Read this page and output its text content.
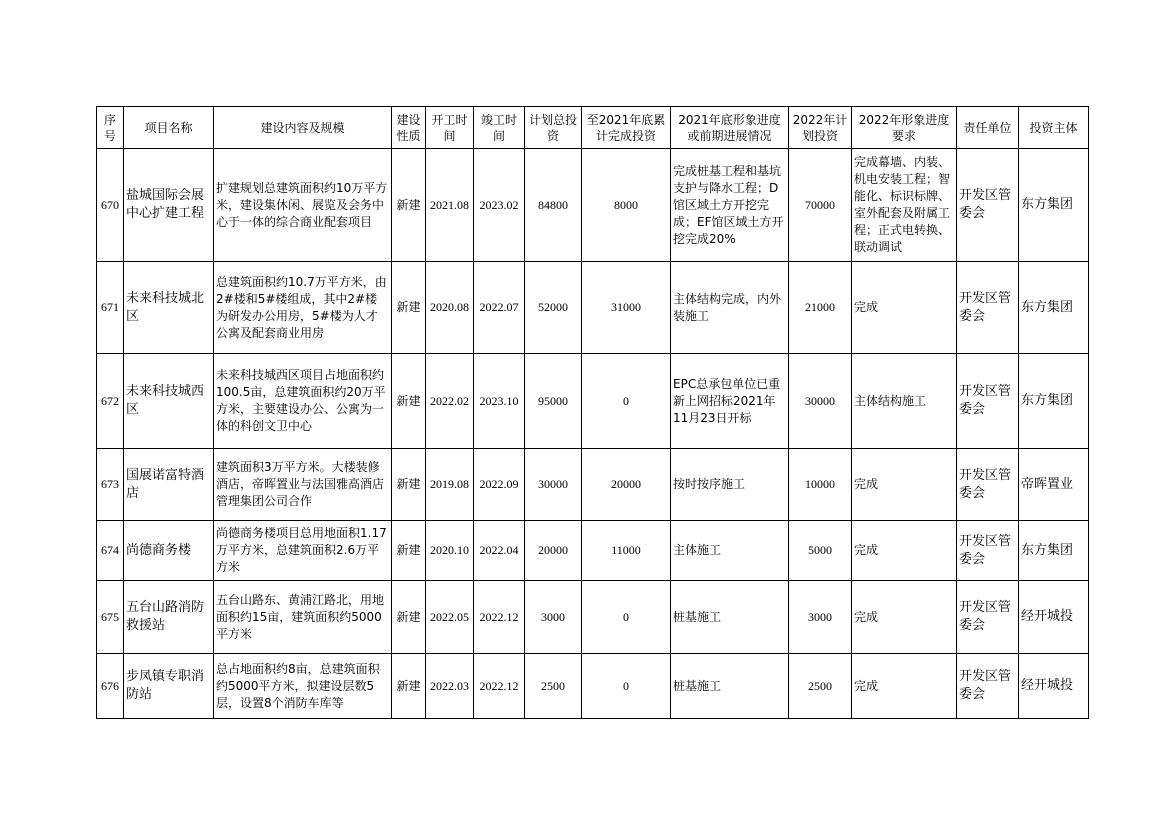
序号	项目名称	建设内容及规模	建设性质	开工时间	竣工时间	计划总投资	至2021年底累计完成投资	2021年底形象进度或前期进展情况	2022年计划投资	2022年形象进度要求	责任单位	投资主体
670	盐城国际会展中心扩建工程	扩建规划总建筑面积约10万平方米，建设集休闲、展览及会务中心于一体的综合商业配套项目	新建	2021.08	2023.02	84800	8000	完成桩基工程和基坑支护与降水工程；D馆区域土方开挖完成；EF馆区域土方开挖完成20%	70000	完成幕墙、内装、机电安装工程；智能化、标识标牌、室外配套及附属工程；正式电转换、联动调试	开发区管委会	东方集团
671	未来科技城北区	总建筑面积约10.7万平方米，由2#楼和5#楼组成，其中2#楼为研发办公用房，5#楼为人才公寓及配套商业用房	新建	2020.08	2022.07	52000	31000	主体结构完成，内外装施工	21000	完成	开发区管委会	东方集团
672	未来科技城西区	未来科技城西区项目占地面积约100.5亩，总建筑面积约20万平方米，主要建设办公、公寓为一体的科创文卫中心	新建	2022.02	2023.10	95000	0	EPC总承包单位已重新上网招标2021年11月23日开标	30000	主体结构施工	开发区管委会	东方集团
673	国展诺富特酒店	建筑面积3万平方米。大楼装修酒店，帝晖置业与法国雅高酒店管理集团公司合作	新建	2019.08	2022.09	30000	20000	按时按序施工	10000	完成	开发区管委会	帝晖置业
674	尚德商务楼	尚德商务楼项目总用地面积1.17万平方米，总建筑面积2.6万平方米	新建	2020.10	2022.04	20000	11000	主体施工	5000	完成	开发区管委会	东方集团
675	五台山路消防救援站	五台山路东、黄浦江路北，用地面积约15亩，建筑面积约5000平方米	新建	2022.05	2022.12	3000	0	桩基施工	3000	完成	开发区管委会	经开城投
676	步凤镇专职消防站	总占地面积约8亩，总建筑面积约5000平方米，拟建设层数5层，设置8个消防车库等	新建	2022.03	2022.12	2500	0	桩基施工	2500	完成	开发区管委会	经开城投
